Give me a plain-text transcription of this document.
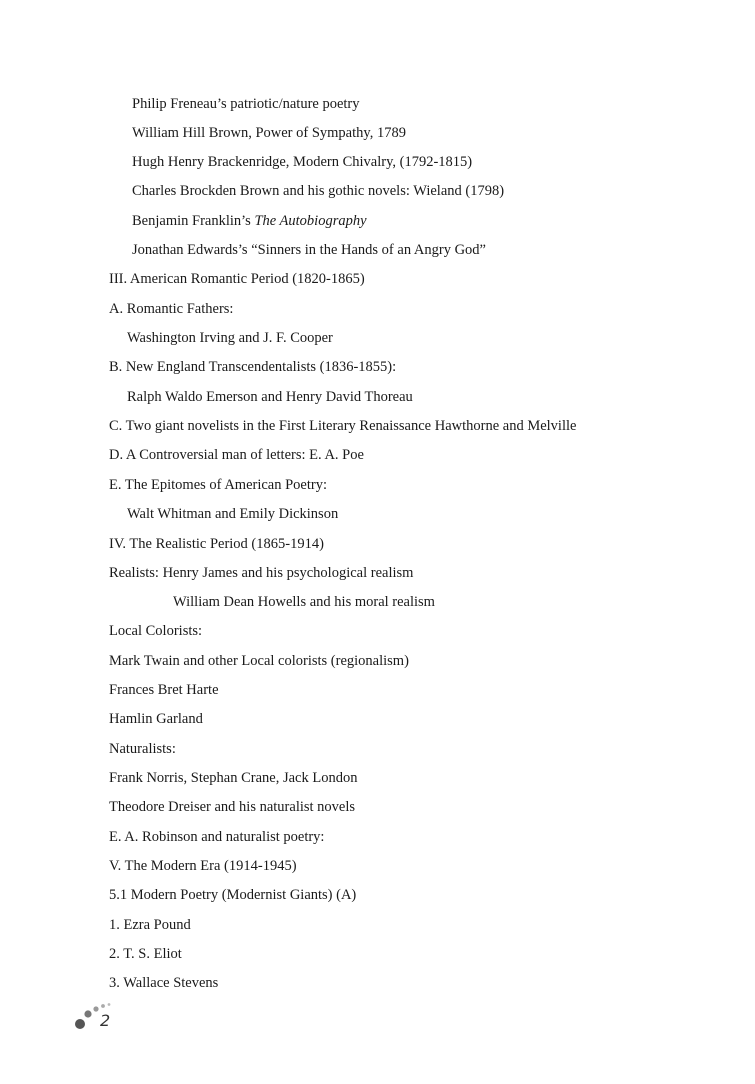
Philip Freneau’s patriotic/nature poetry
William Hill Brown, Power of Sympathy, 1789
Hugh Henry Brackenridge, Modern Chivalry, (1792-1815)
Charles Brockden Brown and his gothic novels: Wieland (1798)
Benjamin Franklin’s The Autobiography
Jonathan Edwards’s “Sinners in the Hands of an Angry God”
III. American Romantic Period (1820-1865)
A. Romantic Fathers:
Washington Irving and J. F. Cooper
B. New England Transcendentalists (1836-1855):
Ralph Waldo Emerson and Henry David Thoreau
C. Two giant novelists in the First Literary Renaissance Hawthorne and Melville
D. A Controversial man of letters: E. A. Poe
E. The Epitomes of American Poetry:
Walt Whitman and Emily Dickinson
IV. The Realistic Period (1865-1914)
Realists: Henry James and his psychological realism
William Dean Howells and his moral realism
Local Colorists:
Mark Twain and other Local colorists (regionalism)
Frances Bret Harte
Hamlin Garland
Naturalists:
Frank Norris, Stephan Crane, Jack London
Theodore Dreiser and his naturalist novels
E. A. Robinson and naturalist poetry:
V. The Modern Era (1914-1945)
5.1 Modern Poetry (Modernist Giants) (A)
1. Ezra Pound
2. T. S. Eliot
3. Wallace Stevens
2
